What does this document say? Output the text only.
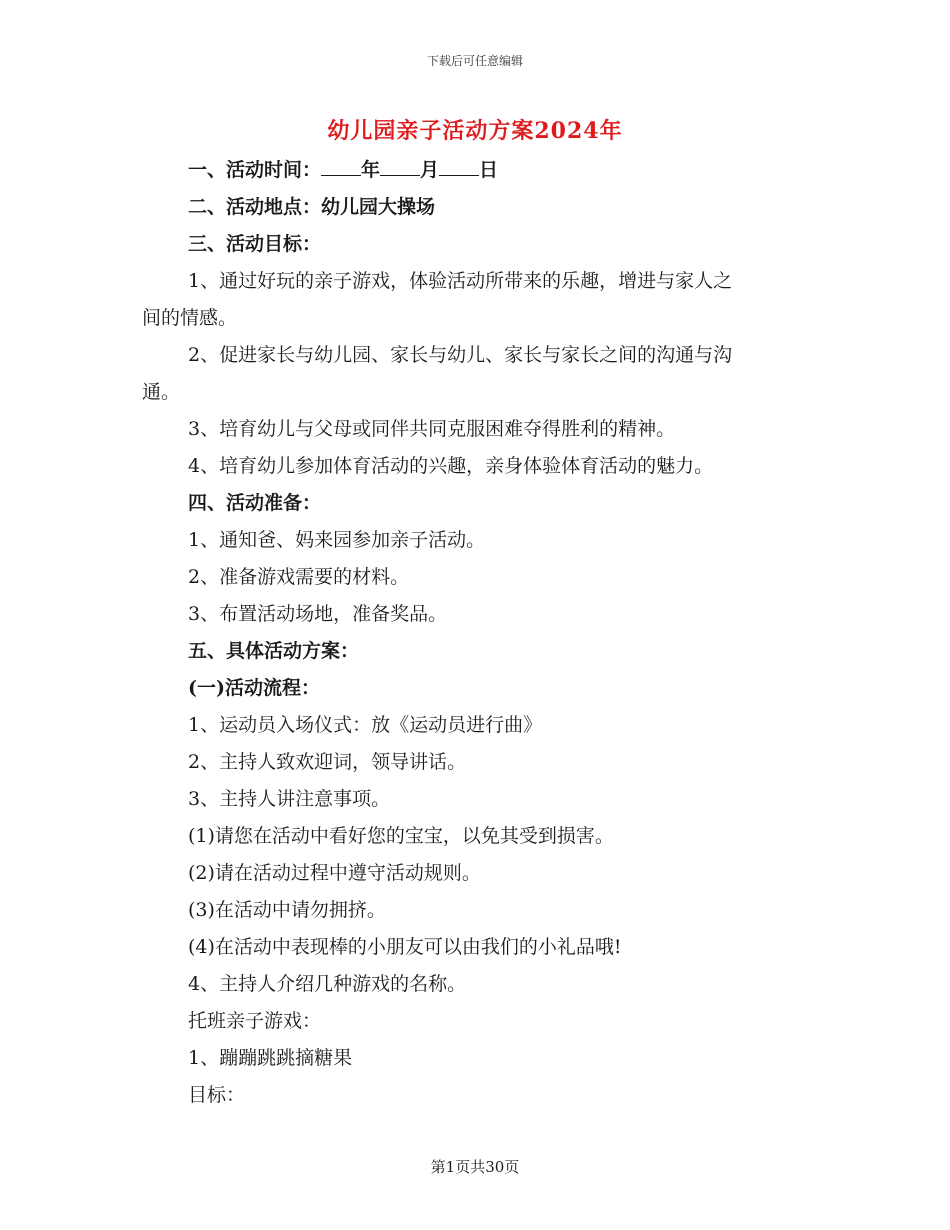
下载后可任意编辑
幼儿园亲子活动方案2024年
一、活动时间： 年 月 日
二、活动地点：幼儿园大操场
三、活动目标：
1、通过好玩的亲子游戏，体验活动所带来的乐趣，增进与家人之
间的情感。
2、促进家长与幼儿园、家长与幼儿、家长与家长之间的沟通与沟
通。
3、培育幼儿与父母或同伴共同克服困难夺得胜利的精神。
4、培育幼儿参加体育活动的兴趣，亲身体验体育活动的魅力。
四、活动准备：
1、通知爸、妈来园参加亲子活动。
2、准备游戏需要的材料。
3、布置活动场地，准备奖品。
五、具体活动方案：
(一)活动流程：
1、运动员入场仪式：放《运动员进行曲》
2、主持人致欢迎词，领导讲话。
3、主持人讲注意事项。
(1)请您在活动中看好您的宝宝，以免其受到损害。
(2)请在活动过程中遵守活动规则。
(3)在活动中请勿拥挤。
(4)在活动中表现棒的小朋友可以由我们的小礼品哦!
4、主持人介绍几种游戏的名称。
托班亲子游戏：
1、蹦蹦跳跳摘糖果
目标：
第1页共30页
